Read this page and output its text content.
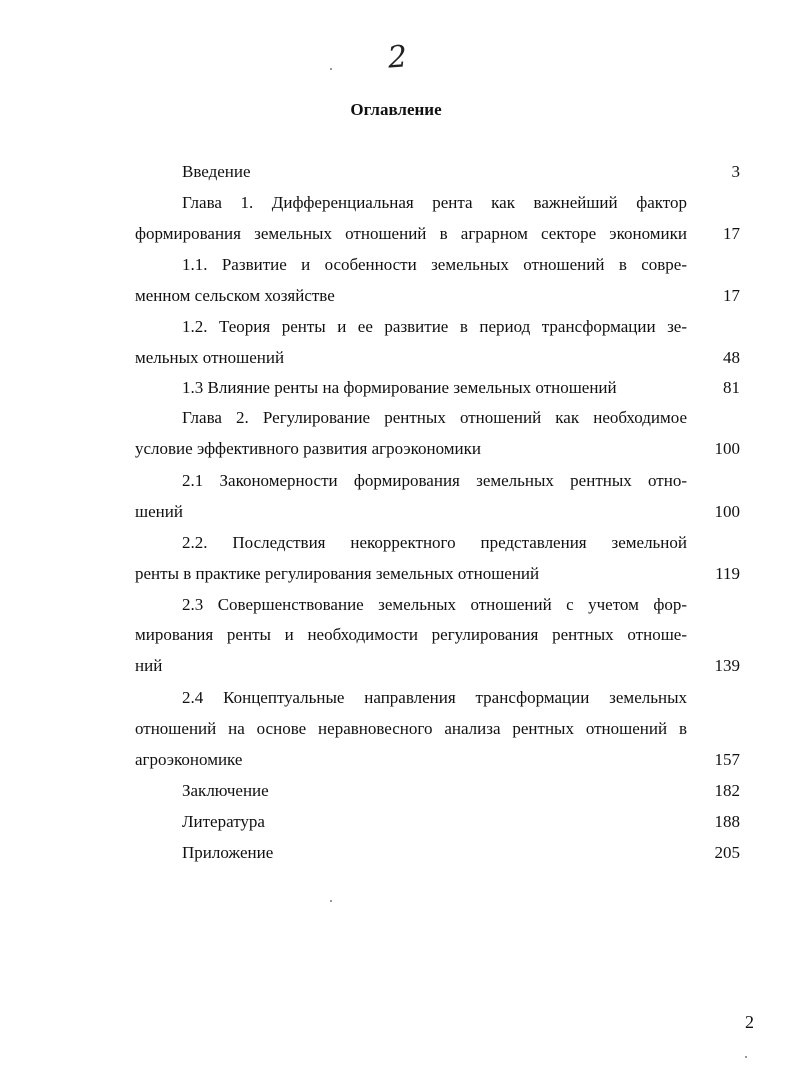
2
Оглавление
Введение	3
Глава 1. Дифференциальная рента как важнейший фактор
формирования земельных отношений в аграрном секторе экономики	17
1.1. Развитие и особенности земельных отношений в совре-
менном сельском хозяйстве	17
1.2. Теория ренты и ее развитие в период трансформации зе-
мельных отношений	48
1.3 Влияние ренты на формирование земельных отношений	81
Глава 2. Регулирование рентных отношений как необходимое
условие эффективного развития агроэкономики	100
2.1 Закономерности формирования земельных рентных отно-
шений	100
2.2. Последствия некорректного представления земельной
ренты в практике регулирования земельных отношений	119
2.3 Совершенствование земельных отношений с учетом фор-
мирования ренты и необходимости регулирования рентных отноше-
ний	139
2.4 Концептуальные направления трансформации земельных
отношений на основе неравновесного анализа рентных отношений в
агроэкономике	157
Заключение	182
Литература	188
Приложение	205
2
